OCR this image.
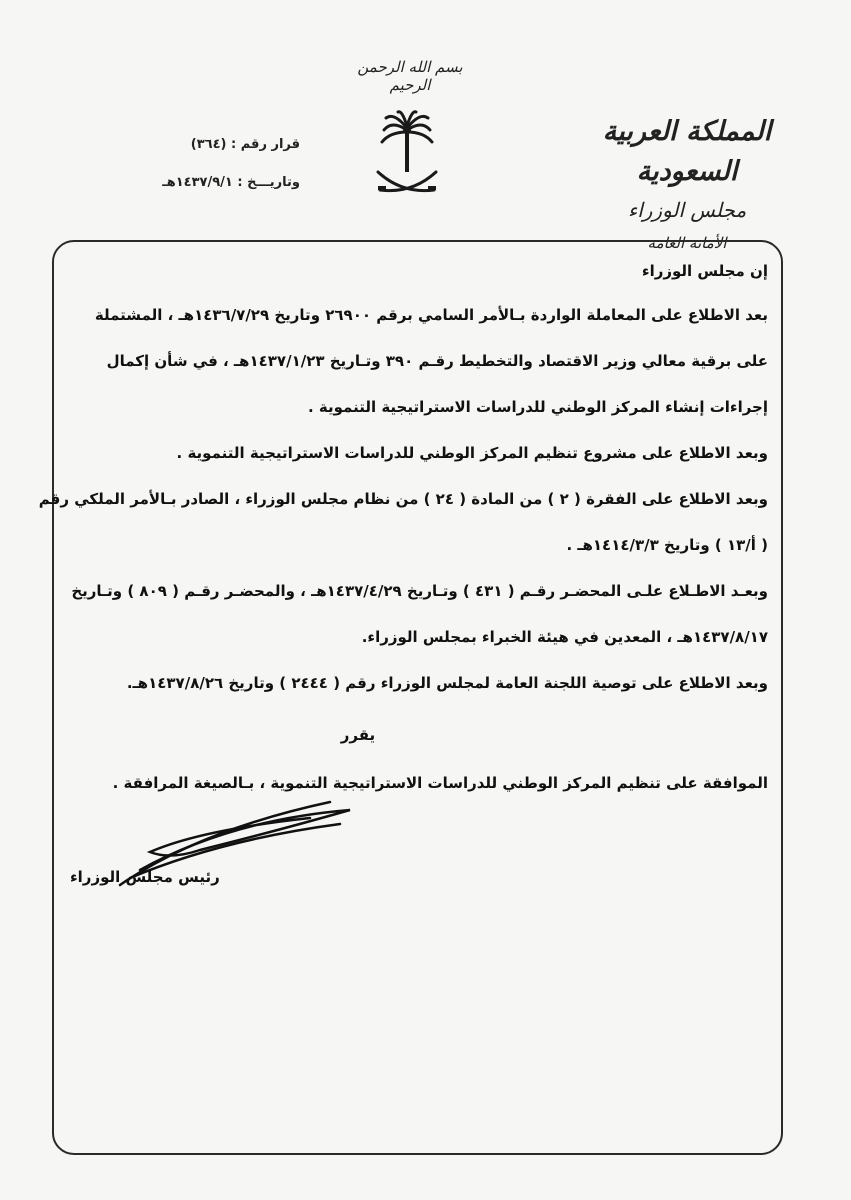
بسم الله الرحمن الرحيم
المملكة العربية السعودية
مجلس الوزراء
الأمانة العامة
قرار رقم : (٣٦٤)
وتاريـــخ : ١٤٣٧/٩/١هـ
إن مجلس الوزراء
بعد الاطلاع على المعاملة الواردة بـالأمر السامي برقم ٢٦٩٠٠ وتاريخ ١٤٣٦/٧/٢٩هـ ، المشتملة
على برقية معالي وزير الاقتصاد والتخطيط رقـم ٣٩٠ وتـاريخ ١٤٣٧/١/٢٣هـ ، في شأن إكمال
إجراءات إنشاء المركز الوطني للدراسات الاستراتيجية التنموية .
وبعد الاطلاع على مشروع تنظيم المركز الوطني للدراسات الاستراتيجية التنموية .
وبعد الاطلاع على الفقرة ( ٢ ) من المادة ( ٢٤ ) من نظام مجلس الوزراء ، الصادر بـالأمر الملكي رقم
( أ/١٣ ) وتاريخ ١٤١٤/٣/٣هـ .
وبعـد الاطـلاع علـى المحضـر رقـم ( ٤٣١ ) وتـاريخ ١٤٣٧/٤/٢٩هـ ، والمحضـر رقـم ( ٨٠٩ ) وتـاريخ
١٤٣٧/٨/١٧هـ ، المعدين في هيئة الخبراء بمجلس الوزراء.
وبعد الاطلاع على توصية اللجنة العامة لمجلس الوزراء رقم ( ٢٤٤٤ ) وتاريخ ١٤٣٧/٨/٢٦هـ.
يقرر
الموافقة على تنظيم المركز الوطني للدراسات الاستراتيجية التنموية ، بـالصيغة المرافقة .
رئيس مجلس الوزراء
